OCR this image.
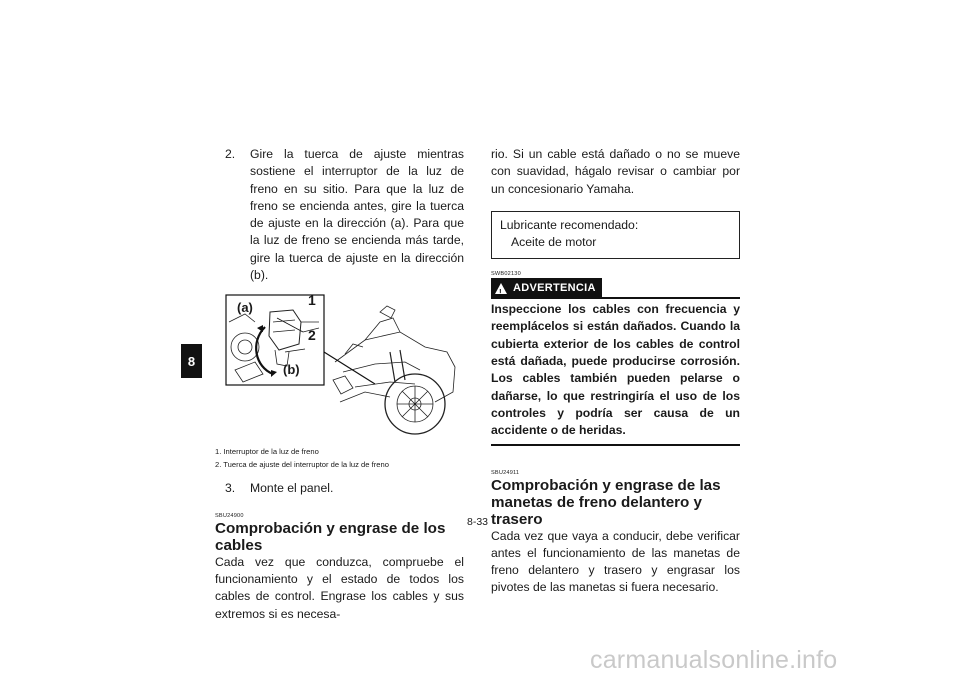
8
2.	Gire la tuerca de ajuste mientras sostiene el interruptor de la luz de freno en su sitio. Para que la luz de freno se encienda antes, gire la tuerca de ajuste en la dirección (a). Para que la luz de freno se encienda más tarde, gire la tuerca de ajuste en la dirección (b).
(a)	1
2
(b)
1. Interruptor de la luz de freno
2. Tuerca de ajuste del interruptor de la luz de freno
3.	Monte el panel.
SBU24900
Comprobación y engrase de los cables
Cada vez que conduzca, compruebe el funcionamiento y el estado de todos los cables de control. Engrase los cables y sus extremos si es necesa-
rio. Si un cable está dañado o no se mueve con suavidad, hágalo revisar o cambiar por un concesionario Yamaha.
Lubricante recomendado:
Aceite de motor
SWB02130
! ADVERTENCIA
Inspeccione los cables con frecuencia y reemplácelos si están dañados. Cuando la cubierta exterior de los cables de control está dañada, puede producirse corrosión. Los cables también pueden pelarse o dañarse, lo que restringiría el uso de los controles y podría ser causa de un accidente o de heridas.
SBU24911
Comprobación y engrase de las manetas de freno delantero y trasero
Cada vez que vaya a conducir, debe verificar antes el funcionamiento de las manetas de freno delantero y trasero y engrasar los pivotes de las manetas si fuera necesario.
8-33
carmanualsonline.info
